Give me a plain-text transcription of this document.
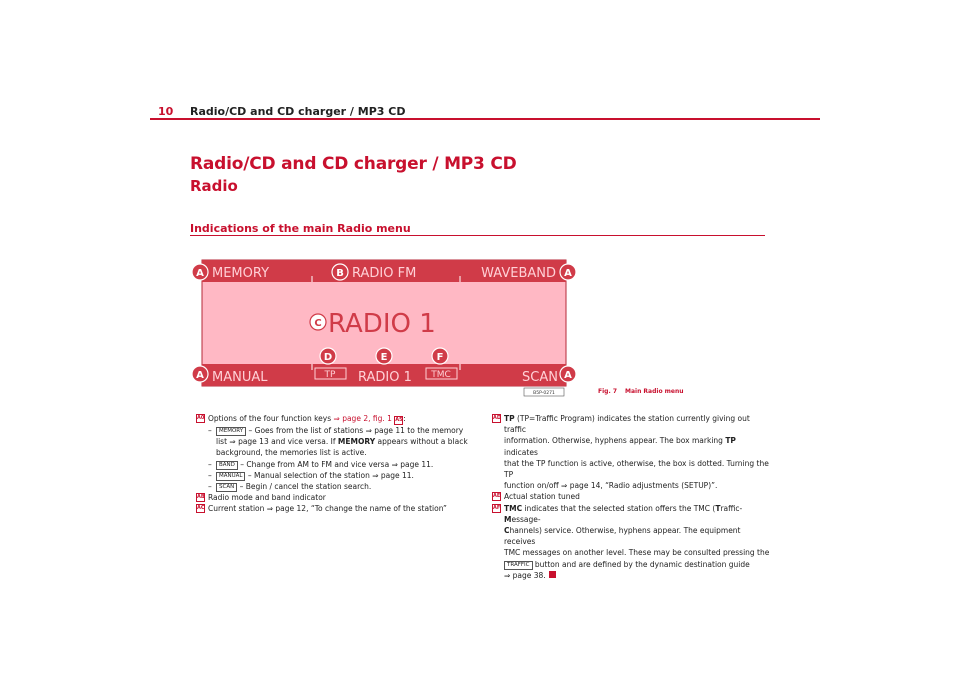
10 Radio/CD and CD charger / MP3 CD
Radio/CD and CD charger / MP3 CD
Radio
Indications of the main Radio menu
MEMORY	RADIO FM	WAVEBAND
RADIO 1
MANUAL	TP RADIO 1 TMC	SCAN
A	A
A	A
B
C
D	E	F
B5P-0271	Fig. 7 Main Radio menu
A0 Options of the four function keys ⇒ page 2, fig. 1 A5:
– MEMORY – Goes from the list of stations ⇒ page 11 to the memory
list ⇒ page 13 and vice versa. If MEMORY appears without a black
background, the memories list is active.
– BAND – Change from AM to FM and vice versa ⇒ page 11.
– MANUAL – Manual selection of the station ⇒ page 11.
– SCAN – Begin / cancel the station search.
AB Radio mode and band indicator
AC Current station ⇒ page 12, “To change the name of the station”
AD TP (TP=Traffic Program) indicates the station currently giving out traffic
information. Otherwise, hyphens appear. The box marking TP indicates
that the TP function is active, otherwise, the box is dotted. Turning the TP
function on/off ⇒ page 14, “Radio adjustments (SETUP)”.
AE Actual station tuned
AF TMC indicates that the selected station offers the TMC (Traffic-Message-
Channels) service. Otherwise, hyphens appear. The equipment receives
TMC messages on another level. These may be consulted pressing the
TRAFFIC button and are defined by the dynamic destination guide
⇒ page 38.
